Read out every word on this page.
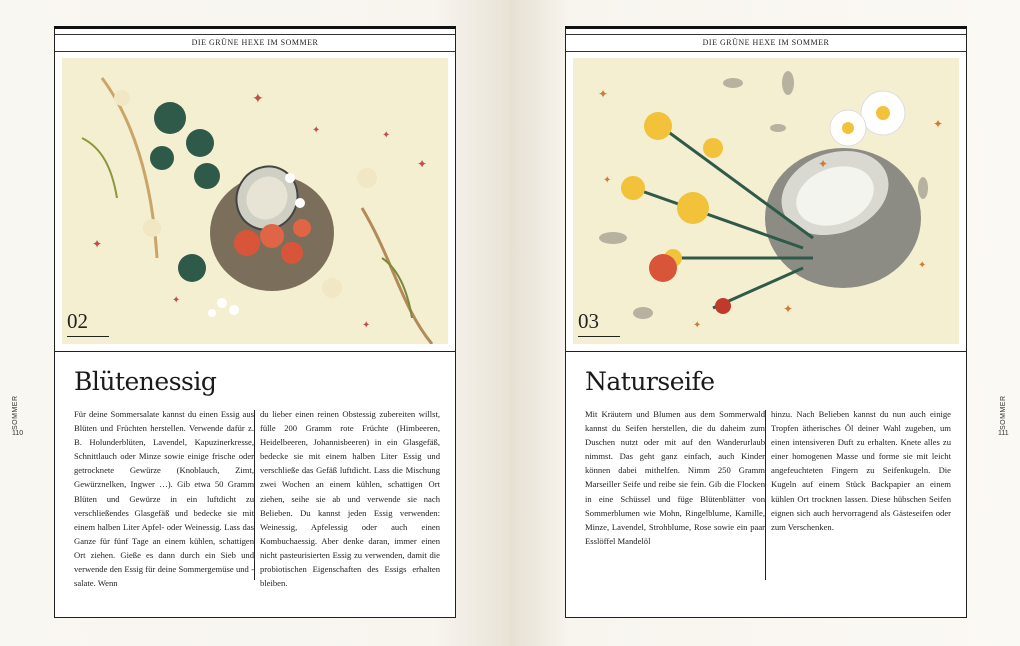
DIE GRÜNE HEXE IM SOMMER
✦
✦	✦
✦
✦
✦
✦
02
Blütenessig
Für deine Sommersalate kannst du einen Essig aus Blüten und Früchten herstellen. Verwende dafür z. B. Holunderblüten, Lavendel, Kapuzinerkresse, Schnittlauch oder Minze sowie einige frische oder getrocknete Gewürze (Knoblauch, Zimt, Gewürznelken, Ingwer …). Gib etwa 50 Gramm Blüten und Gewürze in ein luftdicht zu verschließendes Glasgefäß und bedecke sie mit einem halben Liter Apfel- oder Weinessig. Lass das Ganze für fünf Tage an einem kühlen, schattigen Ort ziehen. Gieße es dann durch ein Sieb und verwende den Essig für deine Sommergemüse und -salate. Wenn
du lieber einen reinen Obstessig zubereiten willst, fülle 200 Gramm rote Früchte (Himbeeren, Heidelbeeren, Johannisbeeren) in ein Glasgefäß, bedecke sie mit einem halben Liter Essig und verschließe das Gefäß luftdicht. Lass die Mischung zwei Wochen an einem kühlen, schattigen Ort ziehen, seihe sie ab und verwende sie nach Belieben. Du kannst jeden Essig verwenden: Weinessig, Apfelessig oder auch einen Kombuchaessig. Aber denke daran, immer einen nicht pasteurisierten Essig zu verwenden, damit die probiotischen Eigenschaften des Essigs erhalten bleiben.
SOMMER
110
DIE GRÜNE HEXE IM SOMMER
✦
✦
✦
✦
✦
✦
✦
03
Naturseife
Mit Kräutern und Blumen aus dem Sommerwald kannst du Seifen herstellen, die du daheim zum Duschen nutzt oder mit auf den Wanderurlaub nimmst. Das geht ganz einfach, auch Kinder können dabei mithelfen. Nimm 250 Gramm Marseiller Seife und reibe sie fein. Gib die Flocken in eine Schüssel und füge Blütenblätter von Sommerblumen wie Mohn, Ringelblume, Kamille, Minze, Lavendel, Strohblume, Rose sowie ein paar Esslöffel Mandelöl
hinzu. Nach Belieben kannst du nun auch einige Tropfen ätherisches Öl deiner Wahl zugeben, um einen intensiveren Duft zu erhalten. Knete alles zu einer homogenen Masse und forme sie mit leicht angefeuchteten Fingern zu Seifenkugeln. Die Kugeln auf einem Stück Backpapier an einem kühlen Ort trocknen lassen. Diese hübschen Seifen eignen sich auch hervorragend als Gästeseifen oder zum Verschenken.
SOMMER
111
